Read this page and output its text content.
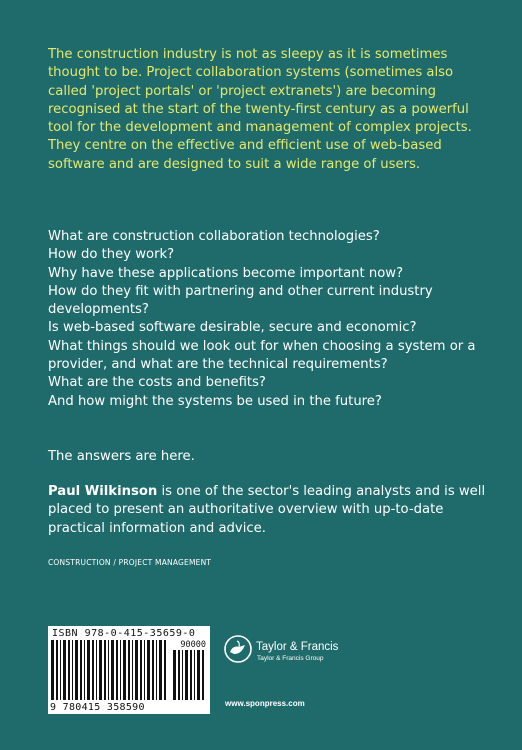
The construction industry is not as sleepy as it is sometimes thought to be. Project collaboration systems (sometimes also called 'project portals' or 'project extranets') are becoming recognised at the start of the twenty-first century as a powerful tool for the development and management of complex projects. They centre on the effective and efficient use of web-based software and are designed to suit a wide range of users.

What are construction collaboration technologies?
How do they work?
Why have these applications become important now?
How do they fit with partnering and other current industry developments?
Is web-based software desirable, secure and economic?
What things should we look out for when choosing a system or a provider, and what are the technical requirements?
What are the costs and benefits?
And how might the systems be used in the future?

The answers are here.

Paul Wilkinson is one of the sector's leading analysts and is well placed to present an authoritative overview with up-to-date practical information and advice.

CONSTRUCTION / PROJECT MANAGEMENT
ISBN 978-0-415-35659-0
90000
9 780415 358590
Taylor & Francis
Taylor & Francis Group
www.sponpress.com
